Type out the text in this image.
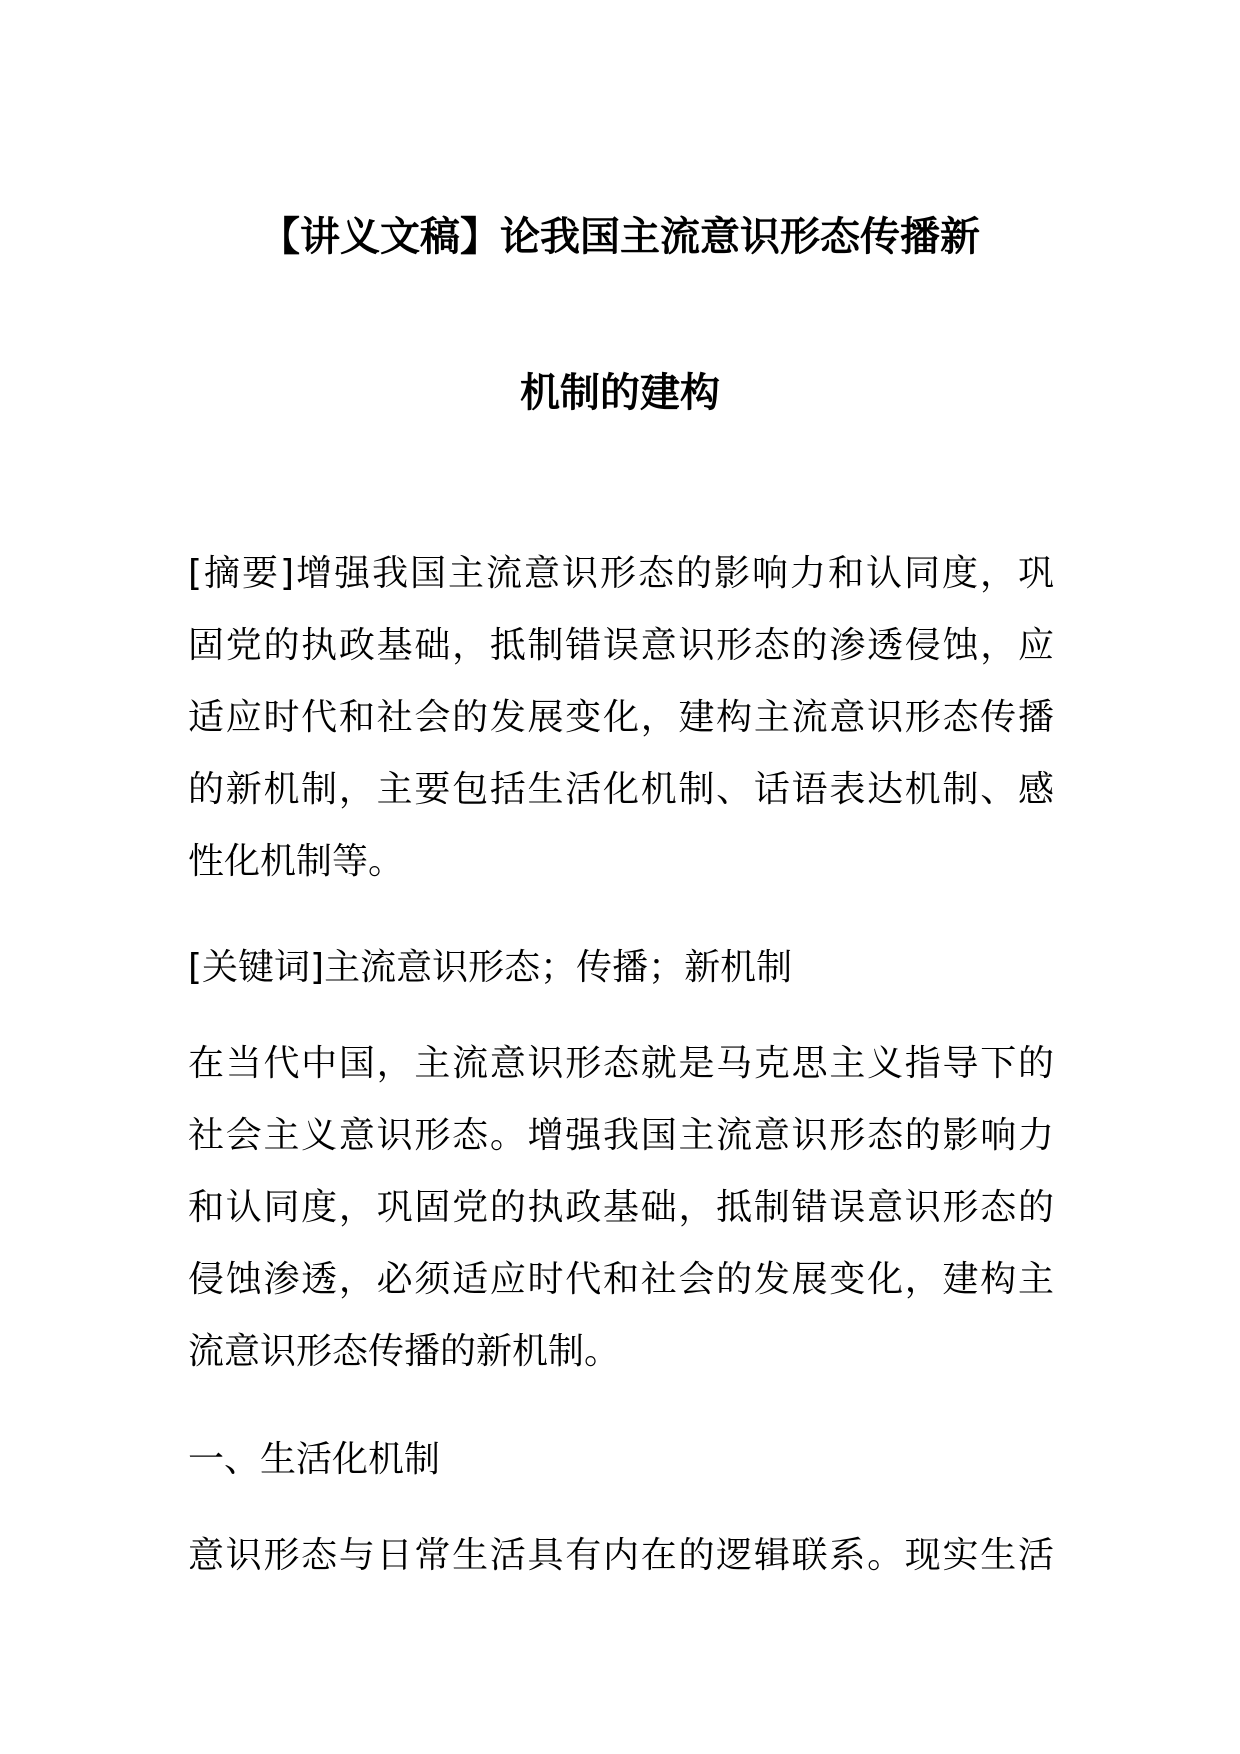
【讲义文稿】论我国主流意识形态传播新
机制的建构
[摘要]增强我国主流意识形态的影响力和认同度，巩
固党的执政基础，抵制错误意识形态的渗透侵蚀，应
适应时代和社会的发展变化，建构主流意识形态传播
的新机制，主要包括生活化机制、话语表达机制、感
性化机制等。
[关键词]主流意识形态；传播；新机制
在当代中国，主流意识形态就是马克思主义指导下的
社会主义意识形态。增强我国主流意识形态的影响力
和认同度，巩固党的执政基础，抵制错误意识形态的
侵蚀渗透，必须适应时代和社会的发展变化，建构主
流意识形态传播的新机制。
一、生活化机制
意识形态与日常生活具有内在的逻辑联系。现实生活
